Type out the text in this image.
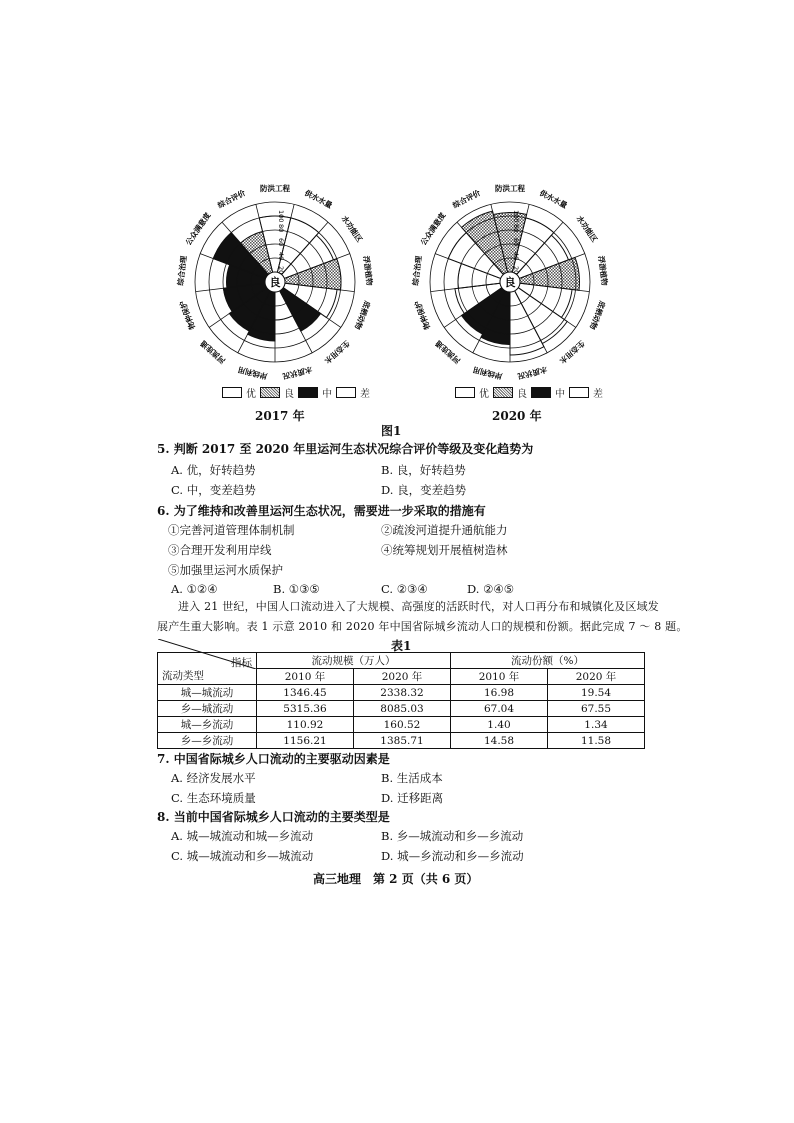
良
20
40
60
80
100
防洪工程 供水水量
水功能区
浮游植物
底栖动物
生态用水
水质状况
岸线利用
河流连通
物种保护
综合治理
公众满意度
综合评价
良
20
40
60
80
100
防洪工程 供水水量
水功能区
浮游植物
底栖动物
生态用水
水质状况
岸线利用
河流连通
物种保护
综合治理
公众满意度
综合评价
优	良	中	差	优	良	中	差
2017 年	2020 年
图1
5. 判断 2017 至 2020 年里运河生态状况综合评价等级及变化趋势为
A. 优，好转趋势	B. 良，好转趋势
C. 中，变差趋势	D. 良，变差趋势
6. 为了维持和改善里运河生态状况，需要进一步采取的措施有
①完善河道管理体制机制	②疏浚河道提升通航能力
③合理开发利用岸线	④统筹规划开展植树造林
⑤加强里运河水质保护
A. ①②④	B. ①③⑤	C. ②③④	D. ②④⑤
进入 21 世纪，中国人口流动进入了大规模、高强度的活跃时代，对人口再分布和城镇化及区域发
展产生重大影响。表 1 示意 2010 和 2020 年中国省际城乡流动人口的规模和份额。据此完成 7 ～ 8 题。
表1
指标
流动类型	流动规模（万人）		流动份额（%）	
	2010 年	2020 年	2010 年	2020 年
城—城流动	1346.45	2338.32	16.98	19.54
乡—城流动	5315.36	8085.03	67.04	67.55
城—乡流动	110.92	160.52	1.40	1.34
乡—乡流动	1156.21	1385.71	14.58	11.58
7. 中国省际城乡人口流动的主要驱动因素是
A. 经济发展水平	B. 生活成本
C. 生态环境质量	D. 迁移距离
8. 当前中国省际城乡人口流动的主要类型是
A. 城—城流动和城—乡流动	B. 乡—城流动和乡—乡流动
C. 城—城流动和乡—城流动	D. 城—乡流动和乡—乡流动
高三地理　第 2 页（共 6 页）
